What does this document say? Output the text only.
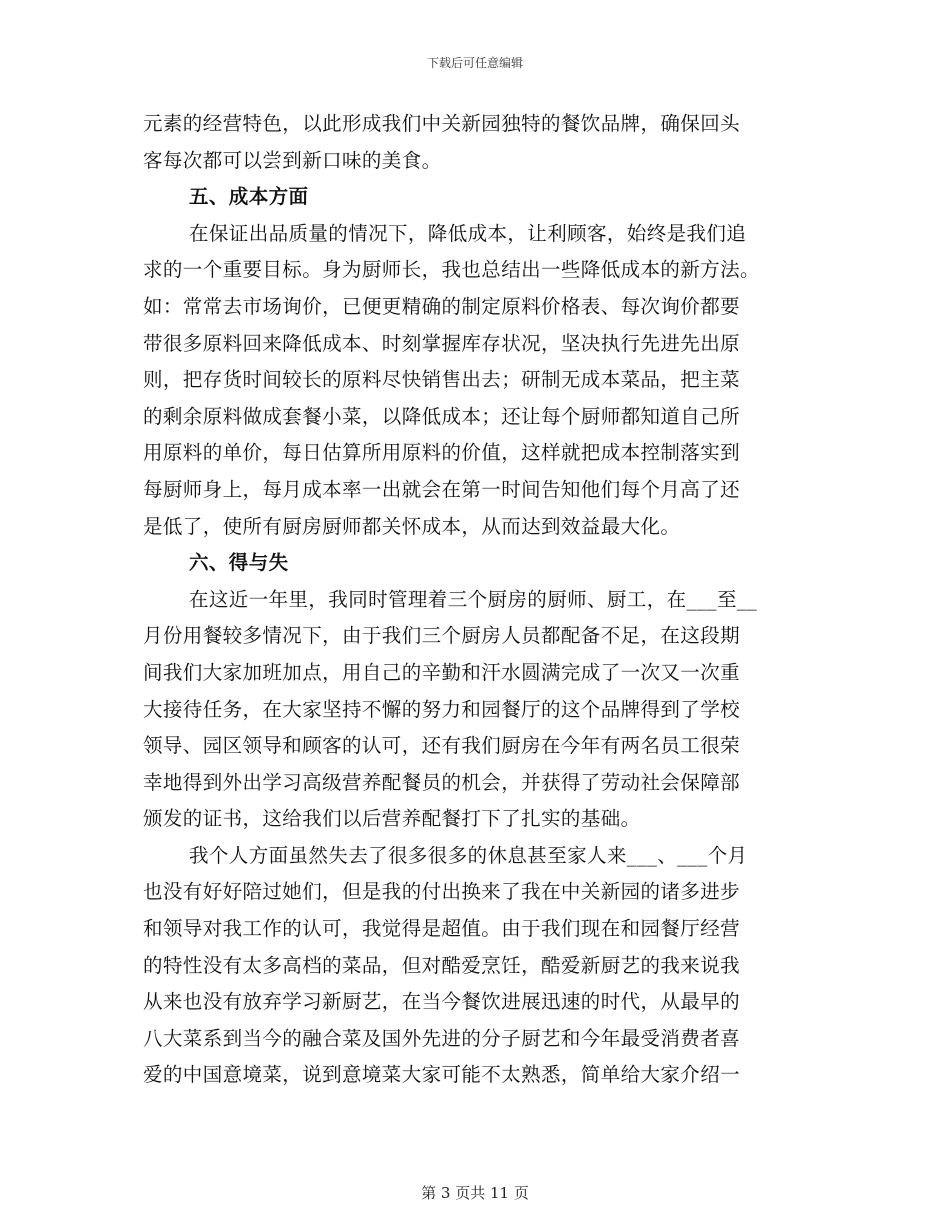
下载后可任意编辑
元素的经营特色，以此形成我们中关新园独特的餐饮品牌，确保回头
客每次都可以尝到新口味的美食。
五、成本方面
在保证出品质量的情况下，降低成本，让利顾客，始终是我们追
求的一个重要目标。身为厨师长，我也总结出一些降低成本的新方法。
如：常常去市场询价，已便更精确的制定原料价格表、每次询价都要
带很多原料回来降低成本、时刻掌握库存状况，坚决执行先进先出原
则，把存货时间较长的原料尽快销售出去；研制无成本菜品，把主菜
的剩余原料做成套餐小菜，以降低成本；还让每个厨师都知道自己所
用原料的单价，每日估算所用原料的价值，这样就把成本控制落实到
每厨师身上，每月成本率一出就会在第一时间告知他们每个月高了还
是低了，使所有厨房厨师都关怀成本，从而达到效益最大化。
六、得与失
在这近一年里，我同时管理着三个厨房的厨师、厨工，在___至__
月份用餐较多情况下，由于我们三个厨房人员都配备不足，在这段期
间我们大家加班加点，用自己的辛勤和汗水圆满完成了一次又一次重
大接待任务，在大家坚持不懈的努力和园餐厅的这个品牌得到了学校
领导、园区领导和顾客的认可，还有我们厨房在今年有两名员工很荣
幸地得到外出学习高级营养配餐员的机会，并获得了劳动社会保障部
颁发的证书，这给我们以后营养配餐打下了扎实的基础。
我个人方面虽然失去了很多很多的休息甚至家人来___、___个月
也没有好好陪过她们，但是我的付出换来了我在中关新园的诸多进步
和领导对我工作的认可，我觉得是超值。由于我们现在和园餐厅经营
的特性没有太多高档的菜品，但对酷爱烹饪，酷爱新厨艺的我来说我
从来也没有放弃学习新厨艺，在当今餐饮进展迅速的时代，从最早的
八大菜系到当今的融合菜及国外先进的分子厨艺和今年最受消费者喜
爱的中国意境菜，说到意境菜大家可能不太熟悉，简单给大家介绍一
第 3 页共 11 页
